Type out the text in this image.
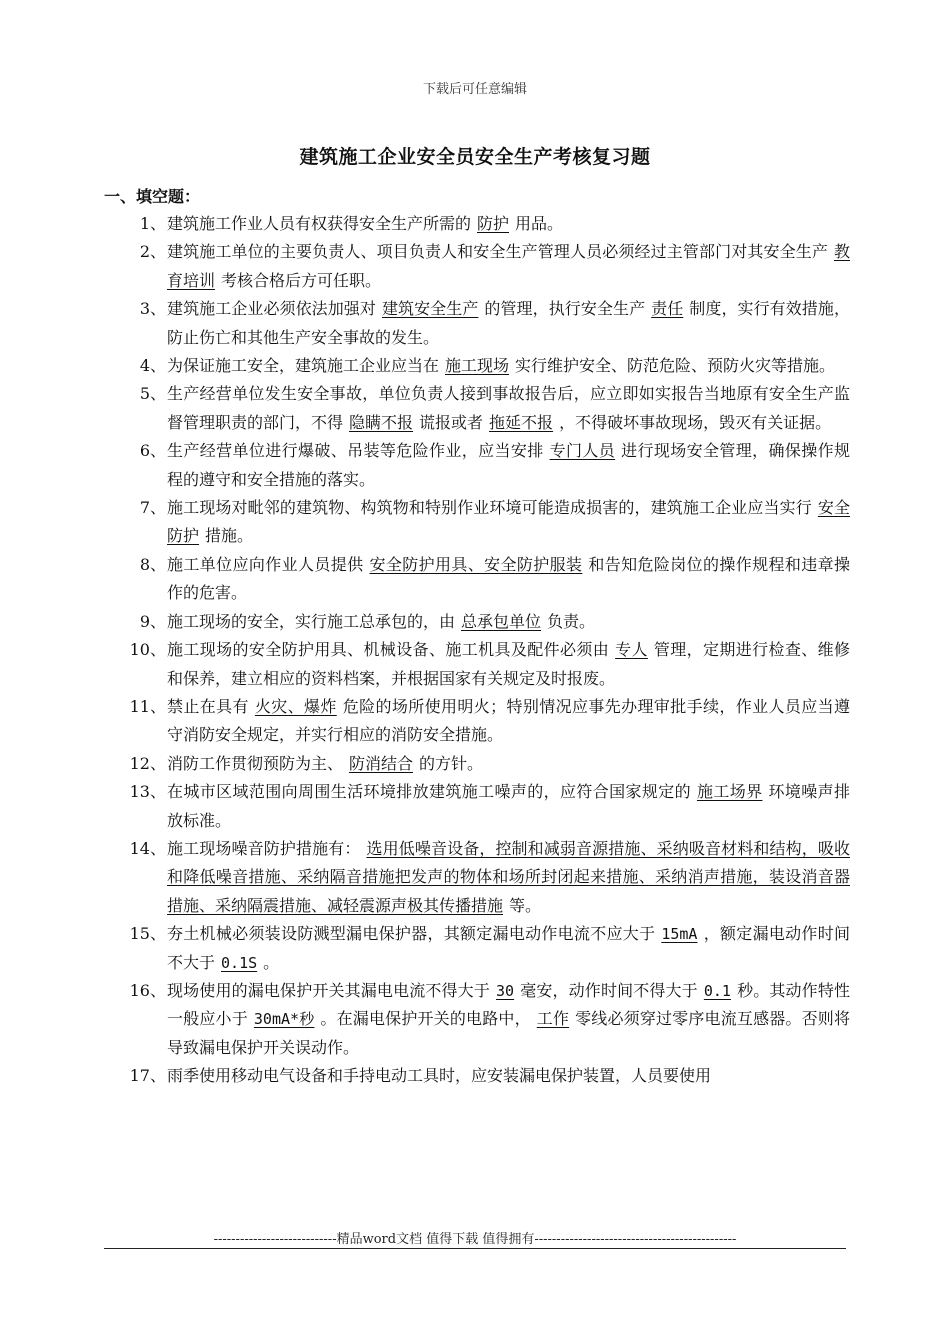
下载后可任意编辑
建筑施工企业安全员安全生产考核复习题
一、填空题：
1、 建筑施工作业人员有权获得安全生产所需的 防护 用品。
2、 建筑施工单位的主要负责人、项目负责人和安全生产管理人员必须经过主管部门对其安全生产 教育培训 考核合格后方可任职。
3、 建筑施工企业必须依法加强对 建筑安全生产 的管理，执行安全生产 责任 制度，实行有效措施，防止伤亡和其他生产安全事故的发生。
4、 为保证施工安全，建筑施工企业应当在 施工现场 实行维护安全、防范危险、预防火灾等措施。
5、 生产经营单位发生安全事故，单位负责人接到事故报告后，应立即如实报告当地原有安全生产监督管理职责的部门，不得 隐瞒不报 谎报或者 拖延不报 ，不得破坏事故现场，毁灭有关证据。
6、 生产经营单位进行爆破、吊装等危险作业，应当安排 专门人员 进行现场安全管理，确保操作规程的遵守和安全措施的落实。
7、 施工现场对毗邻的建筑物、构筑物和特别作业环境可能造成损害的，建筑施工企业应当实行 安全防护 措施。
8、 施工单位应向作业人员提供 安全防护用具、安全防护服装 和告知危险岗位的操作规程和违章操作的危害。
9、 施工现场的安全，实行施工总承包的，由 总承包单位 负责。
10、 施工现场的安全防护用具、机械设备、施工机具及配件必须由 专人 管理，定期进行检查、维修和保养，建立相应的资料档案，并根据国家有关规定及时报废。
11、 禁止在具有 火灾、爆炸 危险的场所使用明火；特别情况应事先办理审批手续，作业人员应当遵守消防安全规定，并实行相应的消防安全措施。
12、 消防工作贯彻预防为主、 防消结合 的方针。
13、 在城市区域范围向周围生活环境排放建筑施工噪声的，应符合国家规定的 施工场界 环境噪声排放标准。
14、 施工现场噪音防护措施有： 选用低噪音设备，控制和减弱音源措施、采纳吸音材料和结构，吸收和降低噪音措施、采纳隔音措施把发声的物体和场所封闭起来措施、采纳消声措施，装设消音器措施、采纳隔震措施、减轻震源声极其传播措施 等。
15、 夯土机械必须装设防溅型漏电保护器，其额定漏电动作电流不应大于 15mA ，额定漏电动作时间不大于 0.1S 。
16、 现场使用的漏电保护开关其漏电电流不得大于 30 毫安，动作时间不得大于 0.1 秒。其动作特性一般应小于 30mA*秒 。在漏电保护开关的电路中， 工作 零线必须穿过零序电流互感器。否则将导致漏电保护开关误动作。
17、 雨季使用移动电气设备和手持电动工具时，应安装漏电保护装置，人员要使用
----------------------------精品word文档 值得下载 值得拥有----------------------------------------------
